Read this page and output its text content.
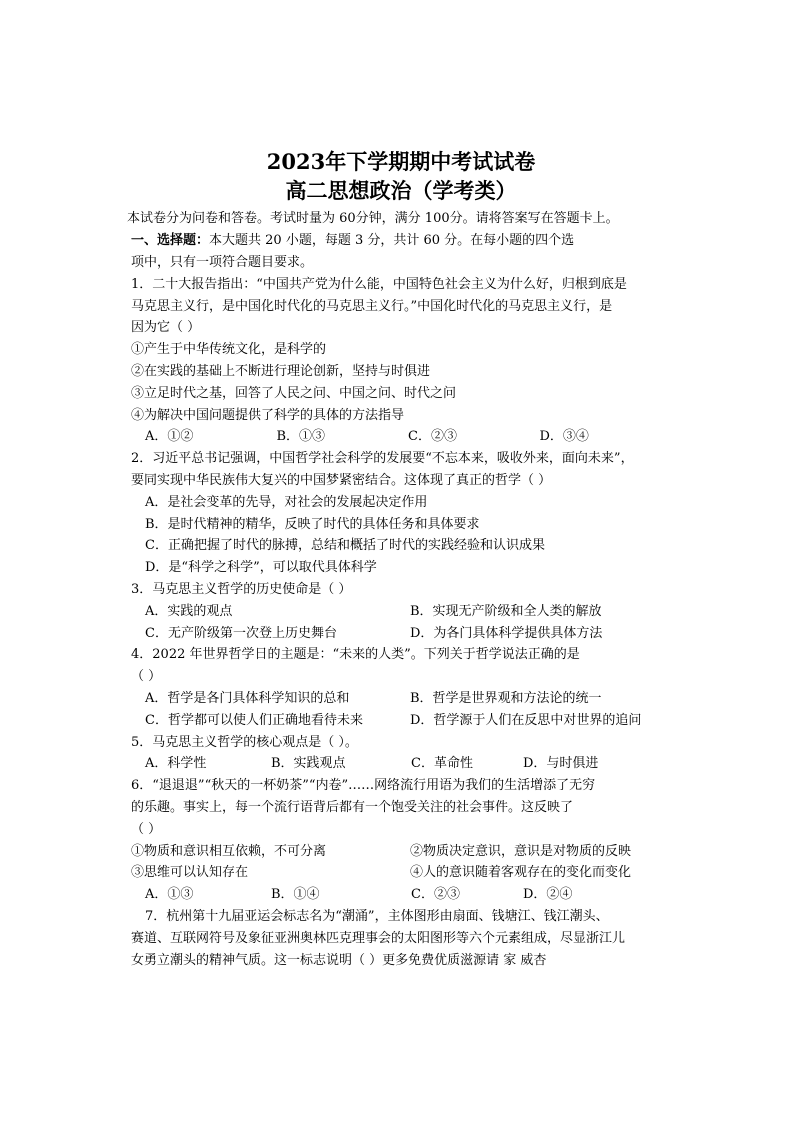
2023年下学期期中考试试卷
高二思想政治（学考类）
本试卷分为问卷和答卷。考试时量为 60分钟，满分 100分。请将答案写在答题卡上。
一、选择题：本大题共 20 小题，每题 3 分，共计 60 分。在每小题的四个选
项中，只有一项符合题目要求。
1．二十大报告指出：“中国共产党为什么能，中国特色社会主义为什么好，归根到底是
马克思主义行，是中国化时代化的马克思主义行。”中国化时代化的马克思主义行，是
因为它（ ）
①产生于中华传统文化，是科学的
②在实践的基础上不断进行理论创新，坚持与时俱进
③立足时代之基，回答了人民之问、中国之问、时代之问
④为解决中国问题提供了科学的具体的方法指导
A．①②	B．①③	C．②③	D．③④
2．习近平总书记强调，中国哲学社会科学的发展要“不忘本来，吸收外来，面向未来”，
要同实现中华民族伟大复兴的中国梦紧密结合。这体现了真正的哲学（ ）
A．是社会变革的先导，对社会的发展起决定作用
B．是时代精神的精华，反映了时代的具体任务和具体要求
C．正确把握了时代的脉搏，总结和概括了时代的实践经验和认识成果
D．是“科学之科学”，可以取代具体科学
3．马克思主义哲学的历史使命是（ ）
A．实践的观点	B．实现无产阶级和全人类的解放
C．无产阶级第一次登上历史舞台	D．为各门具体科学提供具体方法
4．2022 年世界哲学日的主题是：“未来的人类”。下列关于哲学说法正确的是
（ ）
A．哲学是各门具体科学知识的总和	B．哲学是世界观和方法论的统一
C．哲学都可以使人们正确地看待未来	D．哲学源于人们在反思中对世界的追问
5．马克思主义哲学的核心观点是（ ）。
A．科学性	B．实践观点	C．革命性	D．与时俱进
6．“退退退”“秋天的一杯奶茶”“内卷”……网络流行用语为我们的生活增添了无穷
的乐趣。事实上，每一个流行语背后都有一个饱受关注的社会事件。这反映了
（ ）
①物质和意识相互依赖，不可分离	②物质决定意识，意识是对物质的反映
③思维可以认知存在	④人的意识随着客观存在的变化而变化
A．①③	B．①④	C．②③	D．②④
7．杭州第十九届亚运会标志名为“潮涌”，主体图形由扇面、钱塘江、钱江潮头、
赛道、互联网符号及象征亚洲奥林匹克理事会的太阳图形等六个元素组成，尽显浙江儿
女勇立潮头的精神气质。这一标志说明（ ）更多免费优质滋源请 家 威杏
